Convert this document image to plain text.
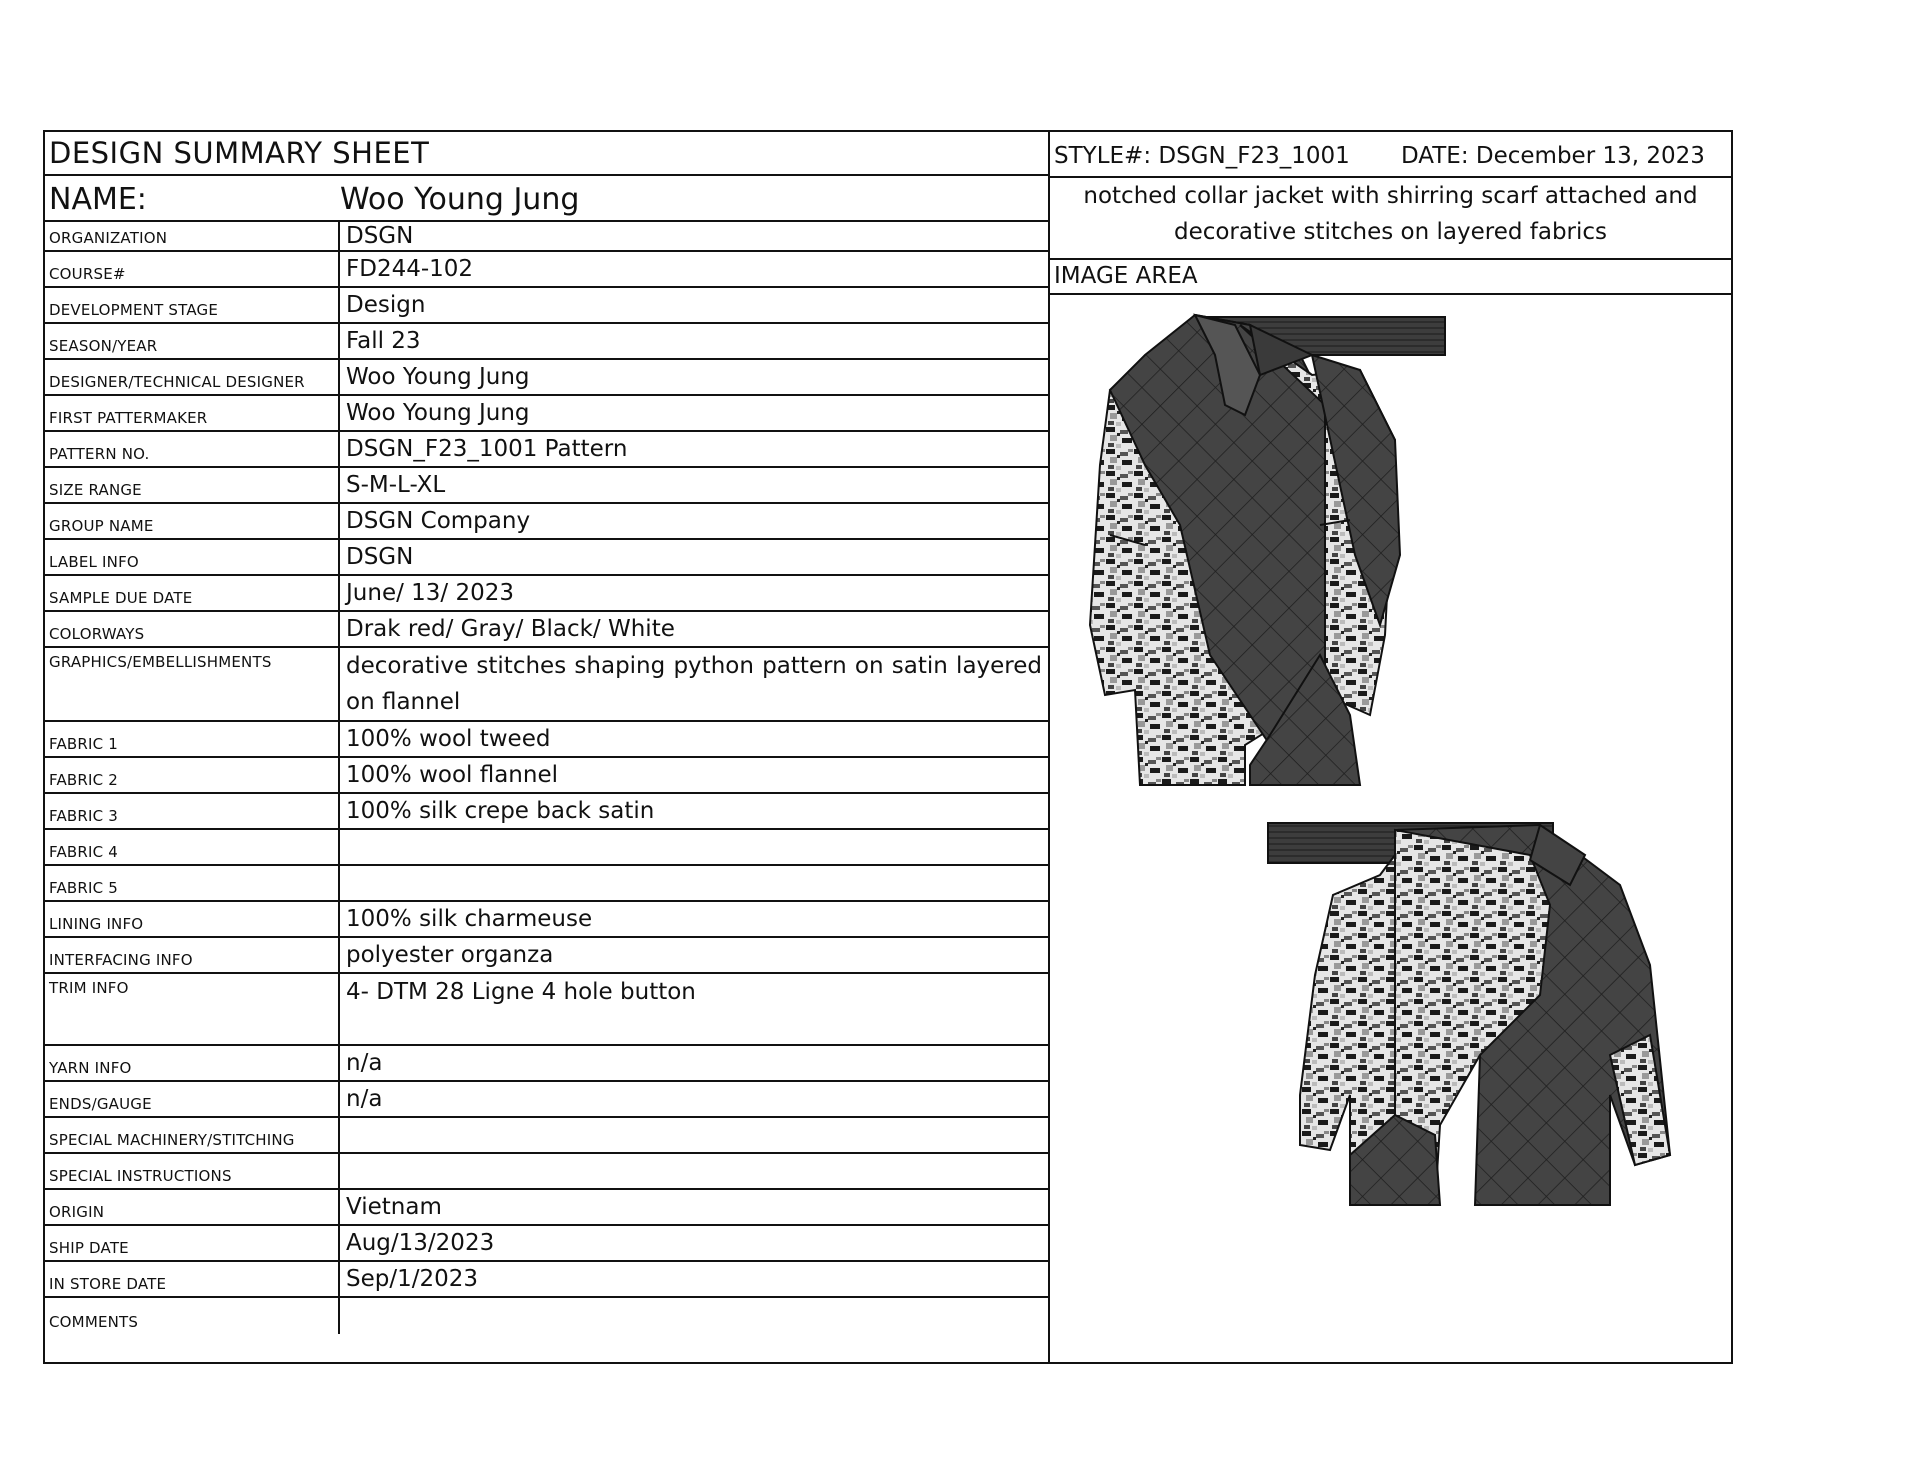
DESIGN SUMMARY SHEET
NAME:	Woo Young Jung
ORGANIZATION	DSGN
COURSE#	FD244-102
DEVELOPMENT STAGE	Design
SEASON/YEAR	Fall 23
DESIGNER/TECHNICAL DESIGNER	Woo Young Jung
FIRST PATTERMAKER	Woo Young Jung
PATTERN NO.	DSGN_F23_1001 Pattern
SIZE RANGE	S-M-L-XL
GROUP NAME	DSGN Company
LABEL INFO	DSGN
SAMPLE DUE DATE	June/ 13/ 2023
COLORWAYS	Drak red/ Gray/ Black/ White
GRAPHICS/EMBELLISHMENTS	decorative stitches shaping python pattern on satin layered on flannel
FABRIC 1	100% wool tweed
FABRIC 2	100% wool flannel
FABRIC 3	100% silk crepe back satin
FABRIC 4
FABRIC 5
LINING INFO	100% silk charmeuse
INTERFACING INFO	polyester organza
TRIM INFO	4- DTM 28 Ligne 4 hole button
YARN INFO	n/a
ENDS/GAUGE	n/a
SPECIAL MACHINERY/STITCHING
SPECIAL INSTRUCTIONS
ORIGIN	Vietnam
SHIP DATE	Aug/13/2023
IN STORE DATE	Sep/1/2023
COMMENTS
STYLE#: DSGN_F23_1001 DATE: December 13, 2023
notched collar jacket with shirring scarf attached and
decorative stitches on layered fabrics
IMAGE AREA
